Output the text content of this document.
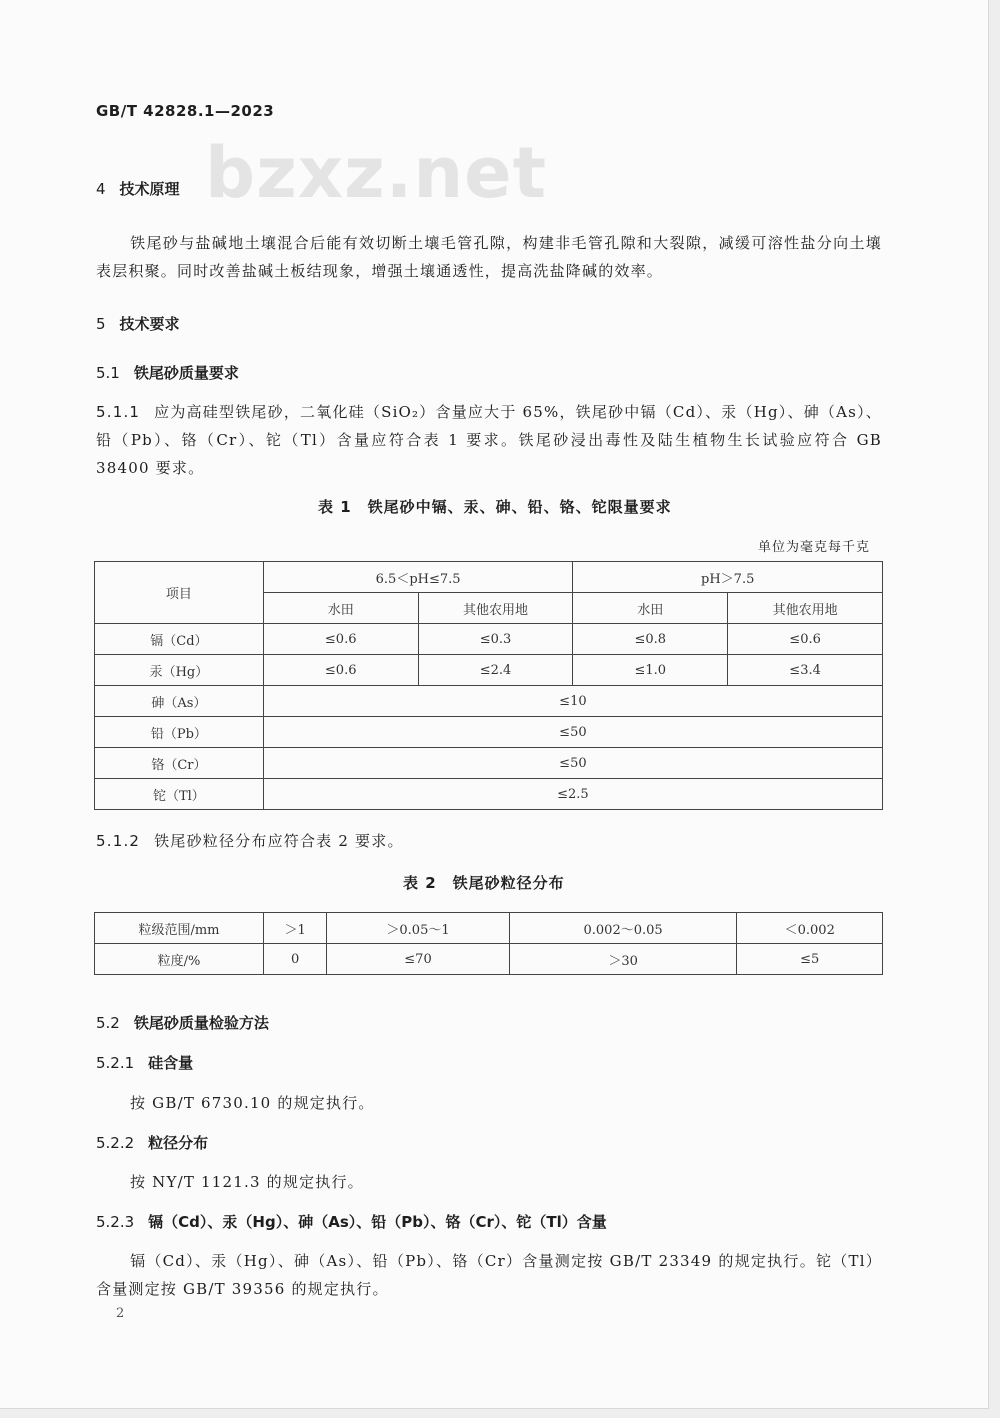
GB/T 42828.1—2023
bzxz.net
4 技术原理
铁尾砂与盐碱地土壤混合后能有效切断土壤毛管孔隙，构建非毛管孔隙和大裂隙，减缓可溶性盐分向土壤表层积聚。同时改善盐碱土板结现象，增强土壤通透性，提高洗盐降碱的效率。
5 技术要求
5.1 铁尾砂质量要求
5.1.1 应为高硅型铁尾砂，二氧化硅（SiO₂）含量应大于 65%，铁尾砂中镉（Cd）、汞（Hg）、砷（As）、铅（Pb）、铬（Cr）、铊（Tl）含量应符合表 1 要求。铁尾砂浸出毒性及陆生植物生长试验应符合 GB 38400 要求。
表 1　铁尾砂中镉、汞、砷、铅、铬、铊限量要求
单位为毫克每千克
项目	6.5＜pH≤7.5		pH＞7.5	
	水田	其他农用地	水田	其他农用地
镉（Cd）	≤0.6	≤0.3	≤0.8	≤0.6
汞（Hg）	≤0.6	≤2.4	≤1.0	≤3.4
砷（As）	≤10			
铅（Pb）	≤50			
铬（Cr）	≤50			
铊（Tl）	≤2.5			
5.1.2 铁尾砂粒径分布应符合表 2 要求。
表 2　铁尾砂粒径分布
粒级范围/mm	＞1	＞0.05～1	0.002～0.05	＜0.002
粒度/%	0	≤70	＞30	≤5
5.2 铁尾砂质量检验方法
5.2.1 硅含量
按 GB/T 6730.10 的规定执行。
5.2.2 粒径分布
按 NY/T 1121.3 的规定执行。
5.2.3 镉（Cd）、汞（Hg）、砷（As）、铅（Pb）、铬（Cr）、铊（Tl）含量
镉（Cd）、汞（Hg）、砷（As）、铅（Pb）、铬（Cr）含量测定按 GB/T 23349 的规定执行。铊（Tl）含量测定按 GB/T 39356 的规定执行。
2
